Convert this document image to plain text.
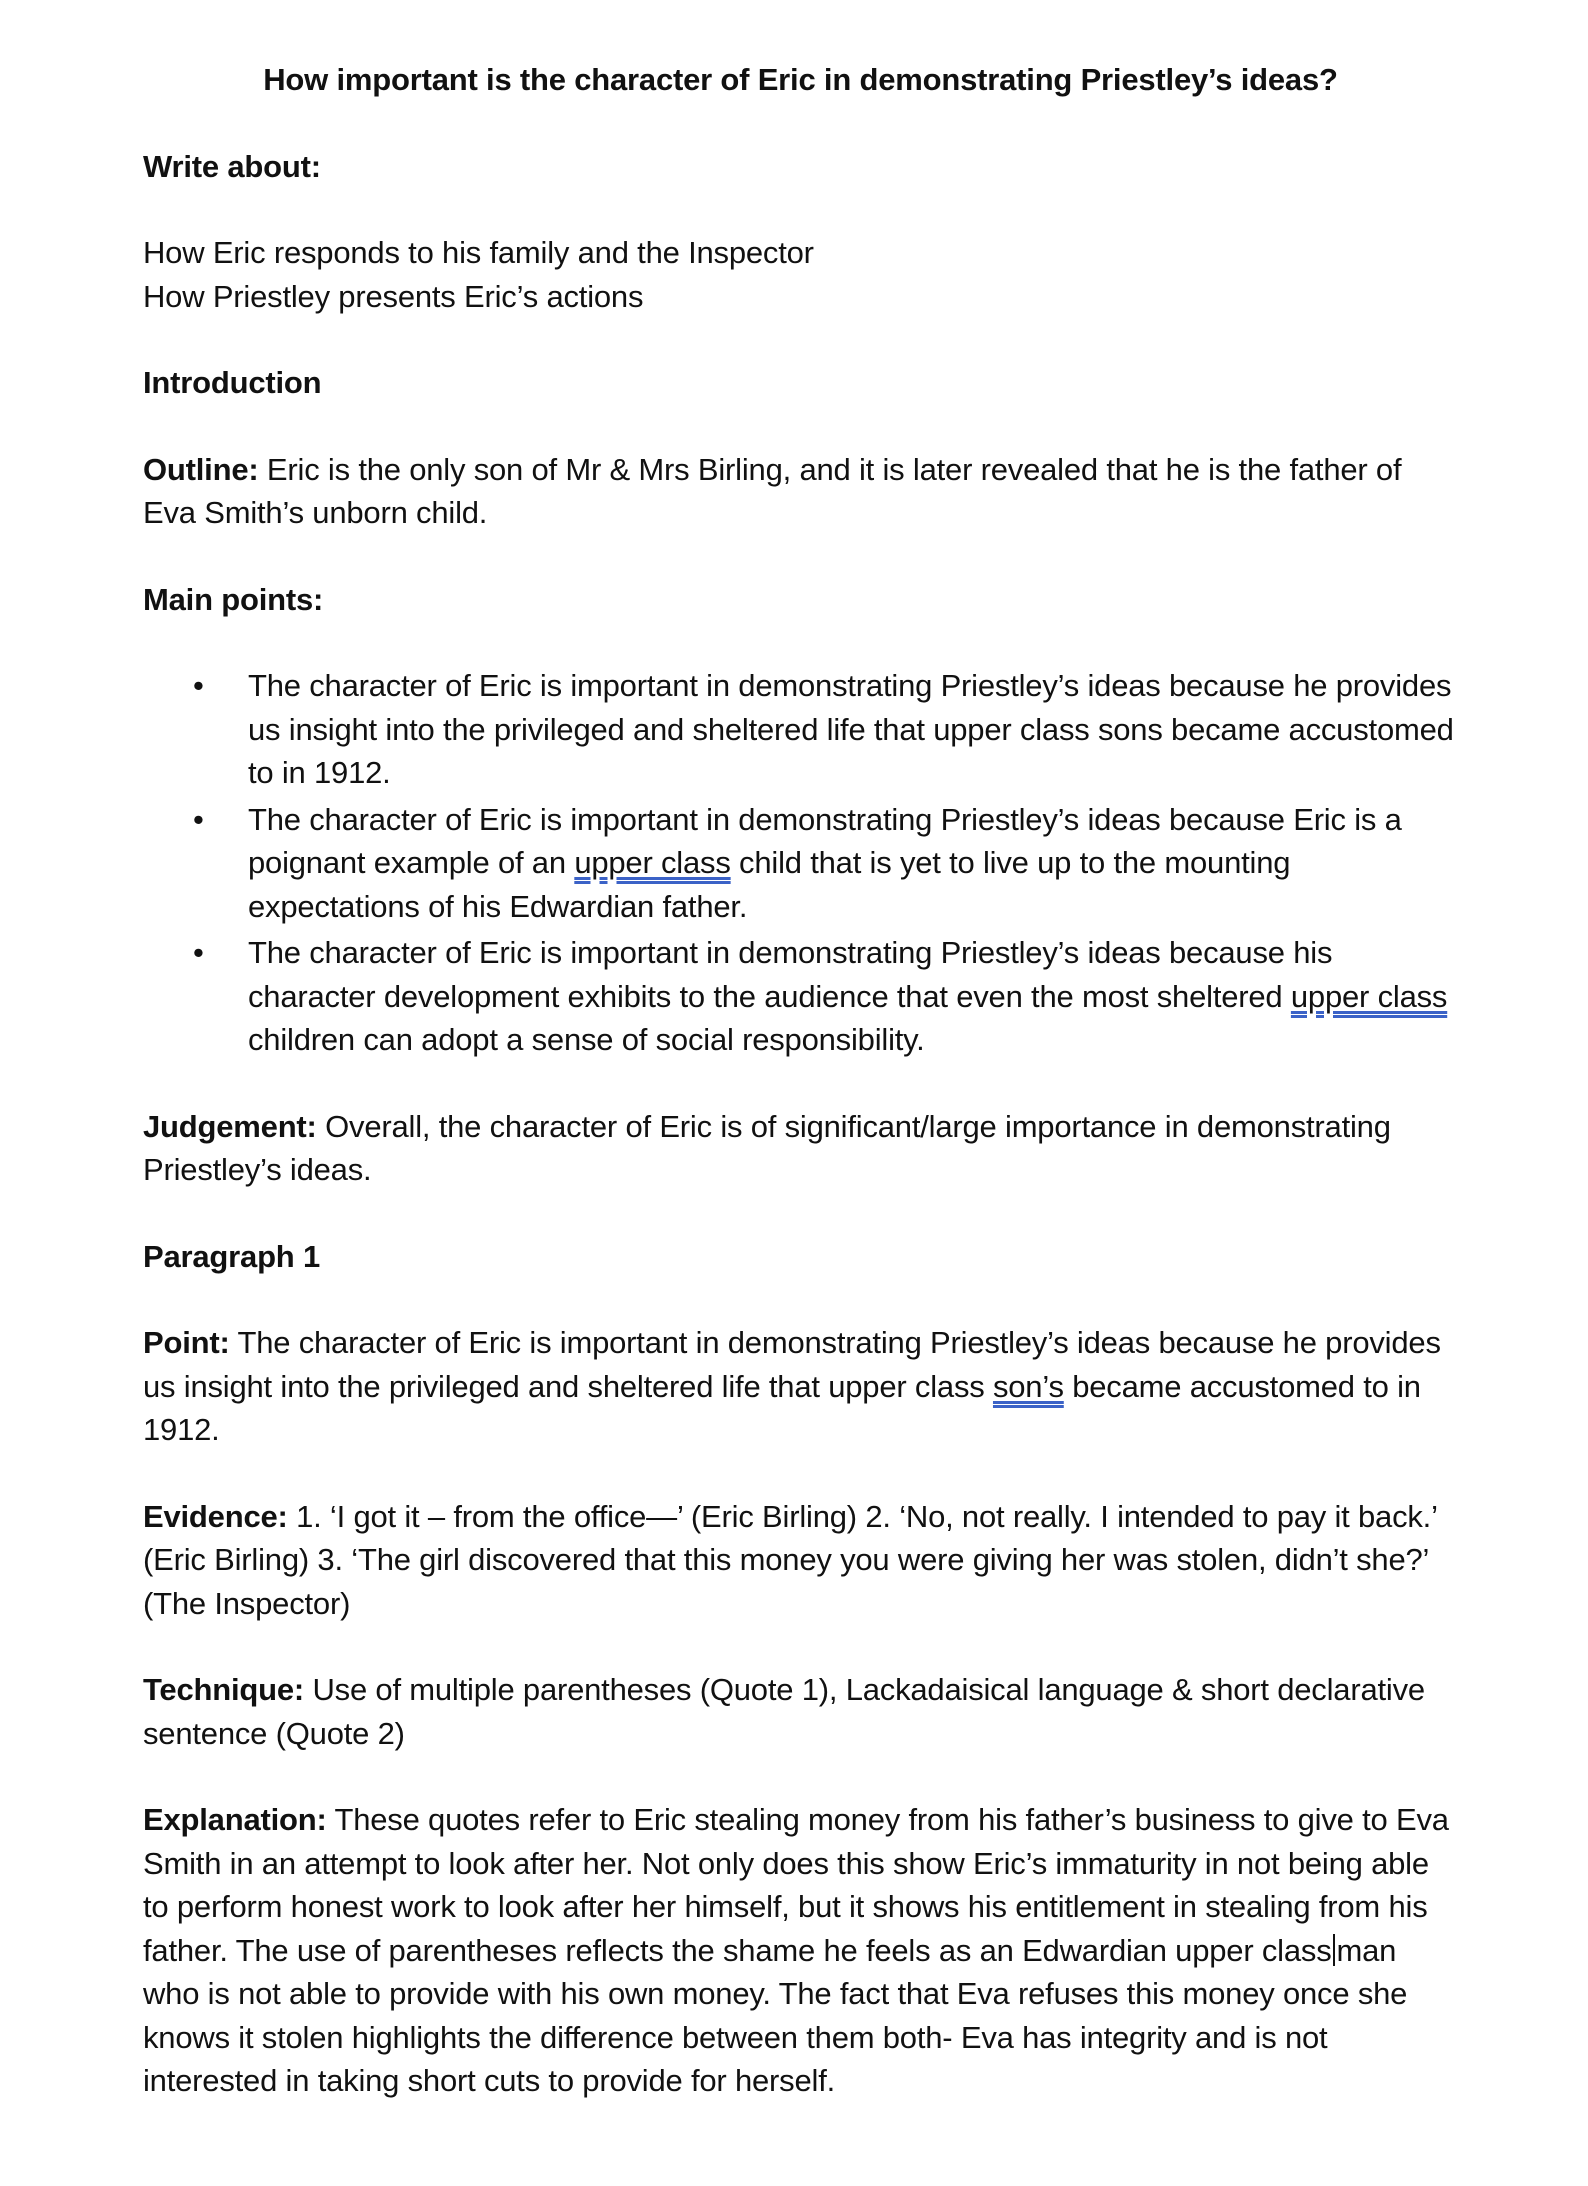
How important is the character of Eric in demonstrating Priestley’s ideas?
Write about:
How Eric responds to his family and the Inspector
How Priestley presents Eric’s actions
Introduction
Outline: Eric is the only son of Mr & Mrs Birling, and it is later revealed that he is the father of Eva Smith’s unborn child.
Main points:
• The character of Eric is important in demonstrating Priestley’s ideas because he provides us insight into the privileged and sheltered life that upper class sons became accustomed to in 1912.
• The character of Eric is important in demonstrating Priestley’s ideas because Eric is a poignant example of an upper class child that is yet to live up to the mounting expectations of his Edwardian father.
• The character of Eric is important in demonstrating Priestley’s ideas because his character development exhibits to the audience that even the most sheltered upper class children can adopt a sense of social responsibility.
Judgement: Overall, the character of Eric is of significant/large importance in demonstrating Priestley’s ideas.
Paragraph 1
Point: The character of Eric is important in demonstrating Priestley’s ideas because he provides us insight into the privileged and sheltered life that upper class son’s became accustomed to in 1912.
Evidence: 1. ‘I got it – from the office—’ (Eric Birling) 2. ‘No, not really. I intended to pay it back.’ (Eric Birling) 3. ‘The girl discovered that this money you were giving her was stolen, didn’t she?’ (The Inspector)
Technique: Use of multiple parentheses (Quote 1), Lackadaisical language & short declarative sentence (Quote 2)
Explanation: These quotes refer to Eric stealing money from his father’s business to give to Eva Smith in an attempt to look after her. Not only does this show Eric’s immaturity in not being able to perform honest work to look after her himself, but it shows his entitlement in stealing from his father. The use of parentheses reflects the shame he feels as an Edwardian upper class man who is not able to provide with his own money. The fact that Eva refuses this money once she knows it stolen highlights the difference between them both- Eva has integrity and is not interested in taking short cuts to provide for herself.
